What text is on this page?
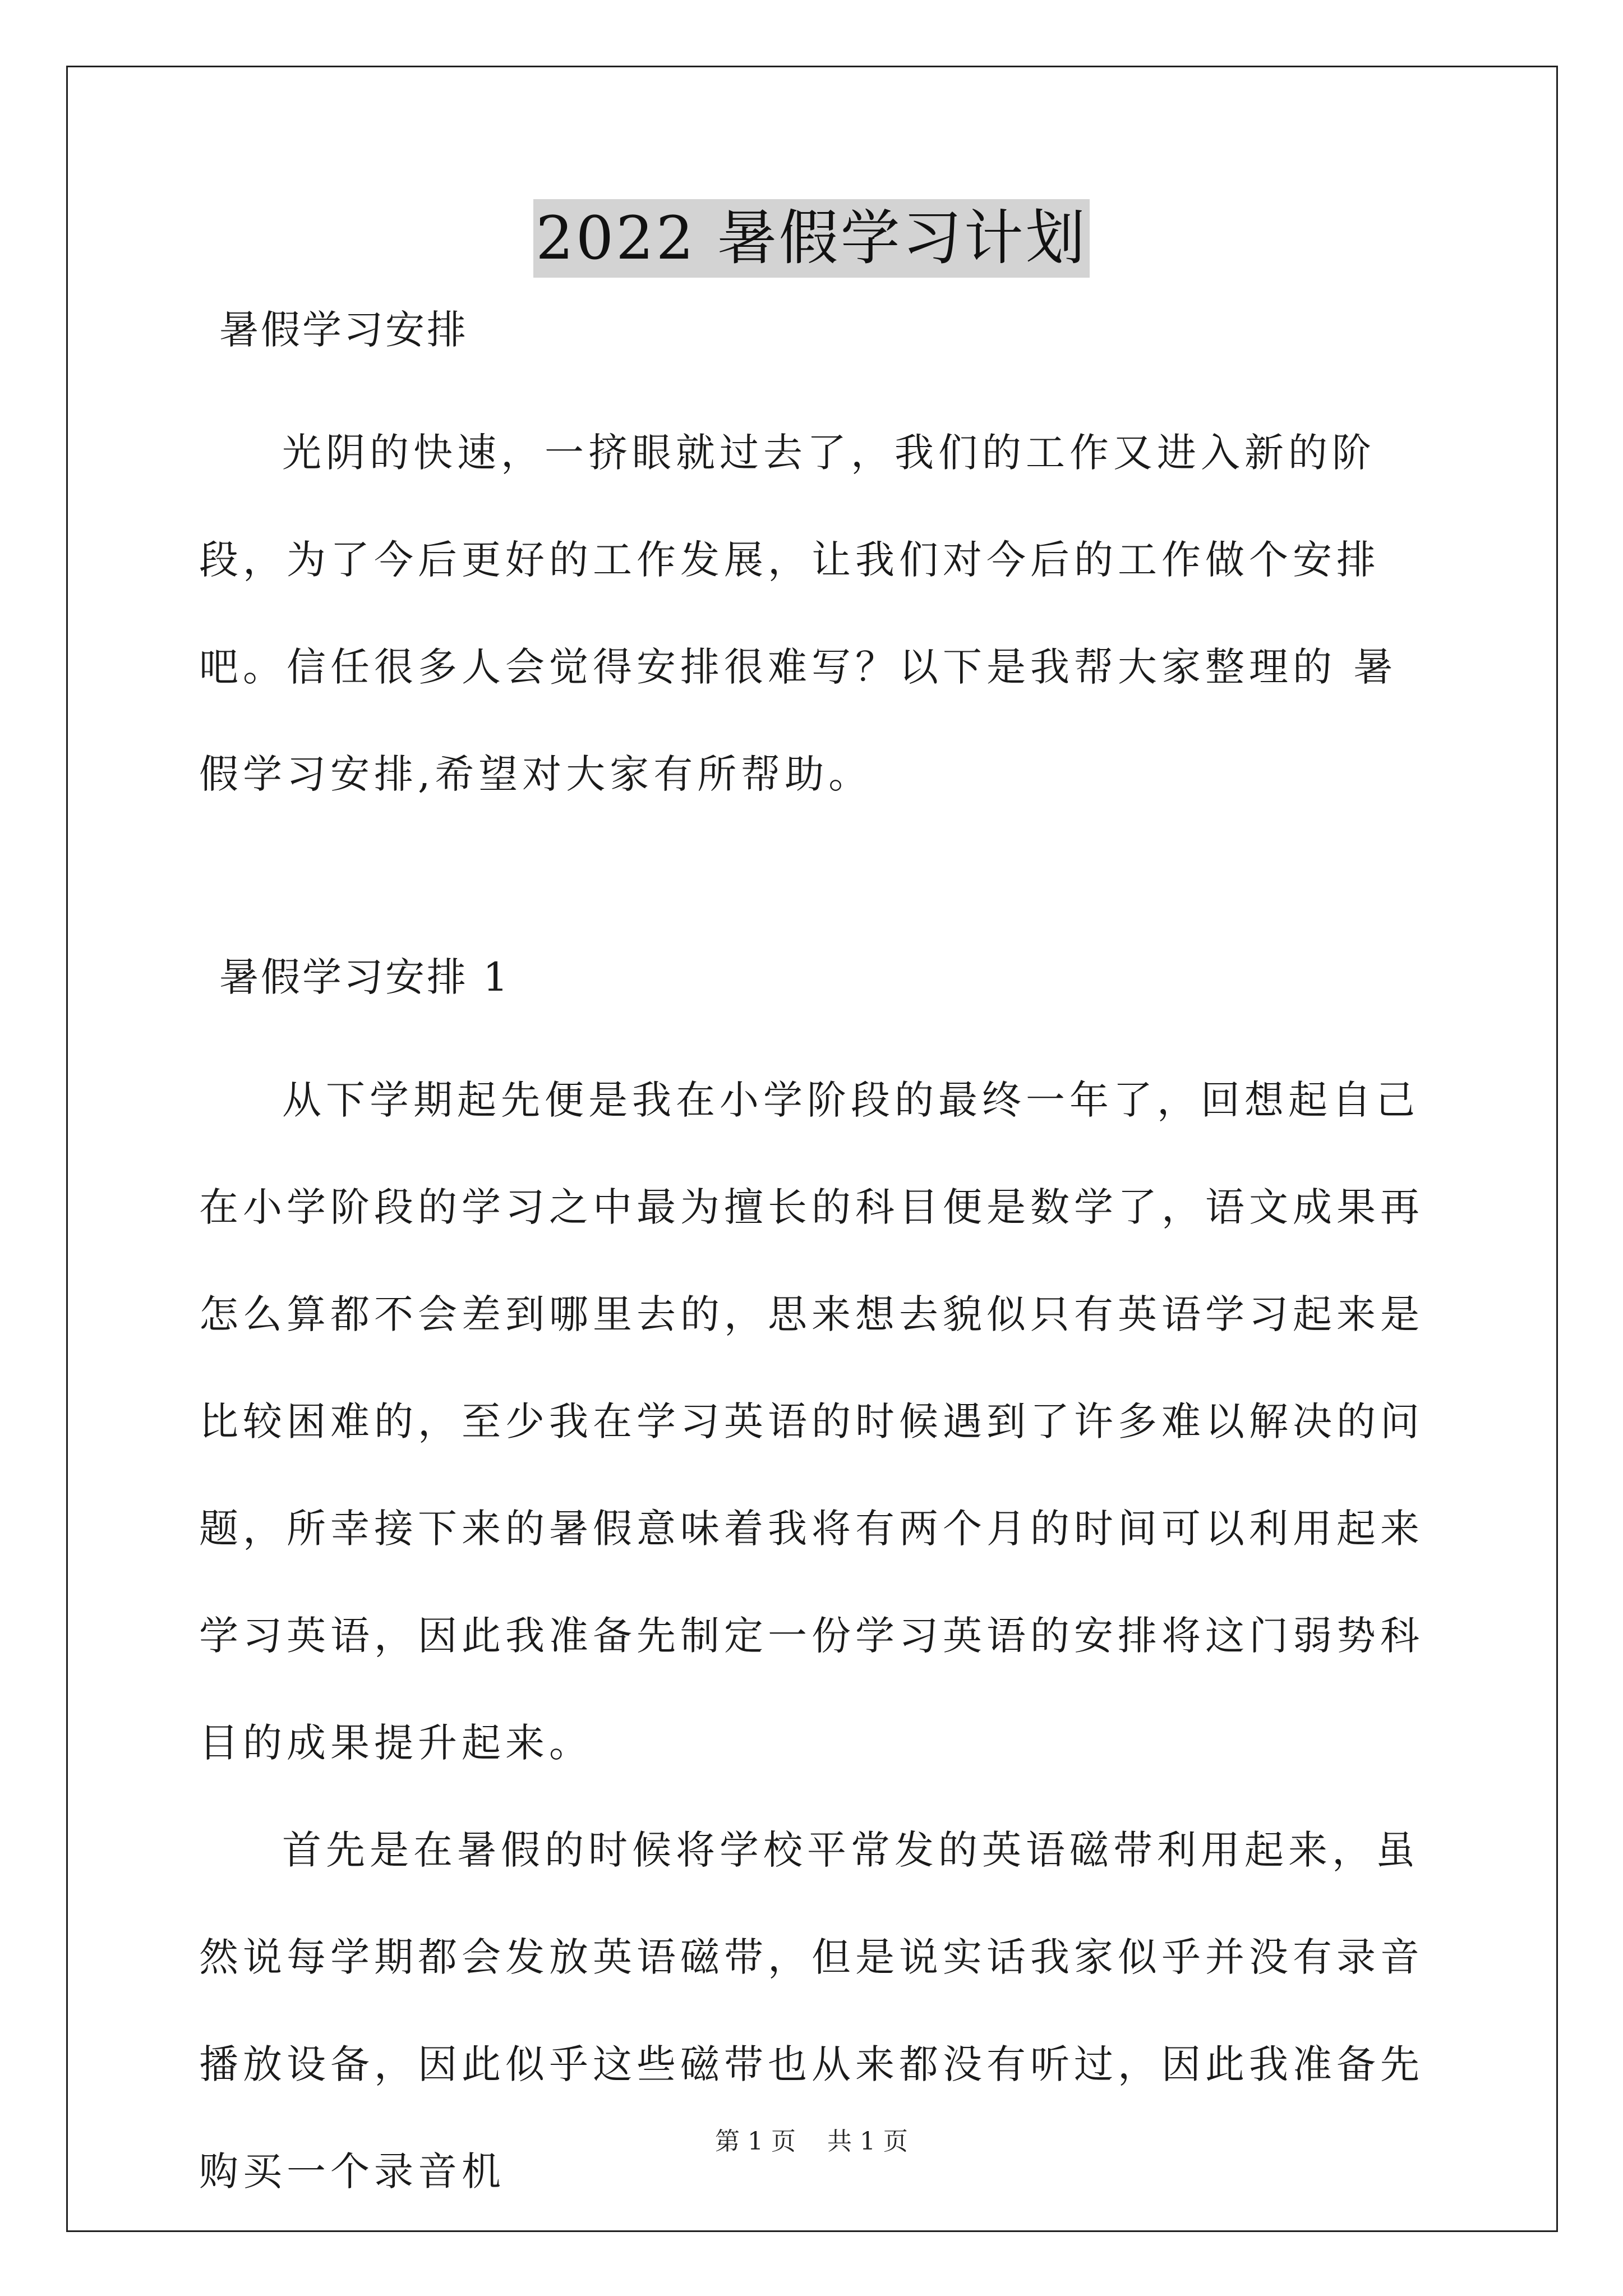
2022 暑假学习计划
暑假学习安排

光阴的快速，一挤眼就过去了，我们的工作又进入新的阶段，为了今后更好的工作发展，让我们对今后的工作做个安排吧。信任很多人会觉得安排很难写？以下是我帮大家整理的 暑假学习安排,希望对大家有所帮助。

暑假学习安排 1

从下学期起先便是我在小学阶段的最终一年了，回想起自己在小学阶段的学习之中最为擅长的科目便是数学了，语文成果再怎么算都不会差到哪里去的，思来想去貌似只有英语学习起来是比较困难的，至少我在学习英语的时候遇到了许多难以解决的问题，所幸接下来的暑假意味着我将有两个月的时间可以利用起来学习英语，因此我准备先制定一份学习英语的安排将这门弱势科目的成果提升起来。

首先是在暑假的时候将学校平常发的英语磁带利用起来，虽然说每学期都会发放英语磁带，但是说实话我家似乎并没有录音播放设备，因此似乎这些磁带也从来都没有听过，因此我准备先购买一个录音机

第 1 页    共 1 页
